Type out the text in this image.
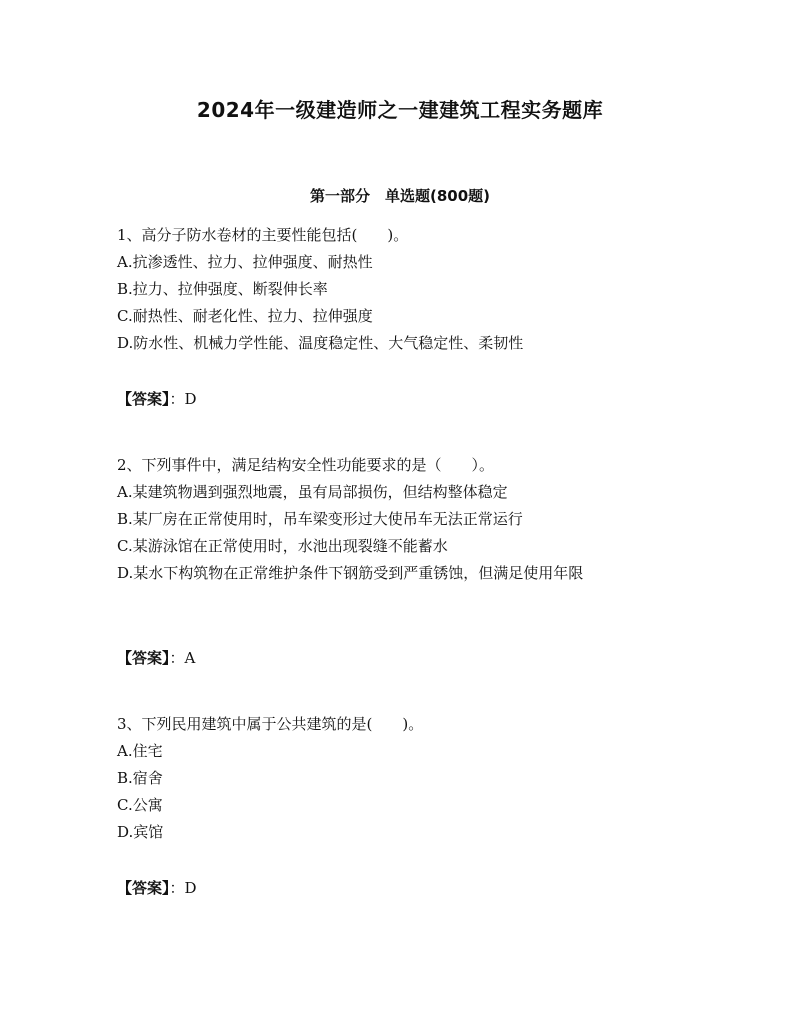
2024年一级建造师之一建建筑工程实务题库
第一部分　单选题(800题)
1、高分子防水卷材的主要性能包括(　　)。
A.抗渗透性、拉力、拉伸强度、耐热性
B.拉力、拉伸强度、断裂伸长率
C.耐热性、耐老化性、拉力、拉伸强度
D.防水性、机械力学性能、温度稳定性、大气稳定性、柔韧性
【答案】：D
2、下列事件中，满足结构安全性功能要求的是（　　）。
A.某建筑物遇到强烈地震，虽有局部损伤，但结构整体稳定
B.某厂房在正常使用时，吊车梁变形过大使吊车无法正常运行
C.某游泳馆在正常使用时，水池出现裂缝不能蓄水
D.某水下构筑物在正常维护条件下钢筋受到严重锈蚀，但满足使用年限
【答案】：A
3、下列民用建筑中属于公共建筑的是(　　)。
A.住宅
B.宿舍
C.公寓
D.宾馆
【答案】：D
